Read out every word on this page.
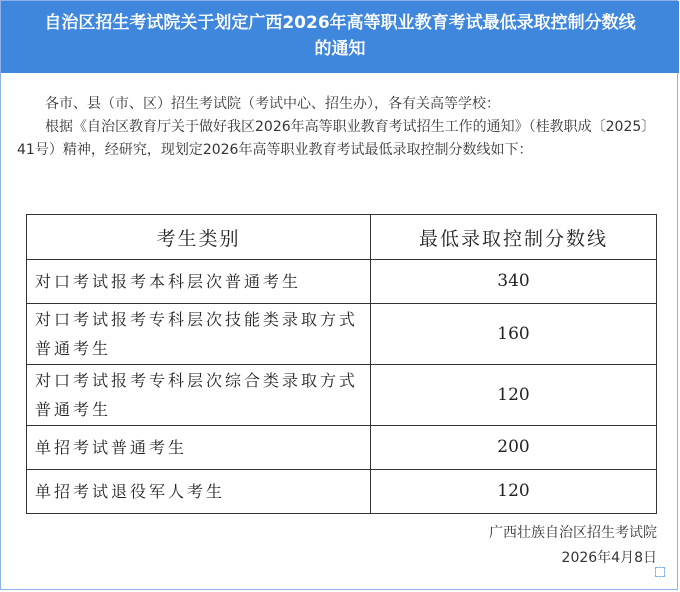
自治区招生考试院关于划定广西2026年高等职业教育考试最低录取控制分数线
的通知

各市、县（市、区）招生考试院（考试中心、招生办），各有关高等学校：

根据《自治区教育厅关于做好我区2026年高等职业教育考试招生工作的通知》（桂教职成〔2025〕41号）精神，经研究，现划定2026年高等职业教育考试最低录取控制分数线如下：

考生类别	最低录取控制分数线
对口考试报考本科层次普通考生	340
对口考试报考专科层次技能类录取方式普通考生	160
对口考试报考专科层次综合类录取方式普通考生	120
单招考试普通考生	200
单招考试退役军人考生	120
广西壮族自治区招生考试院
2026年4月8日
